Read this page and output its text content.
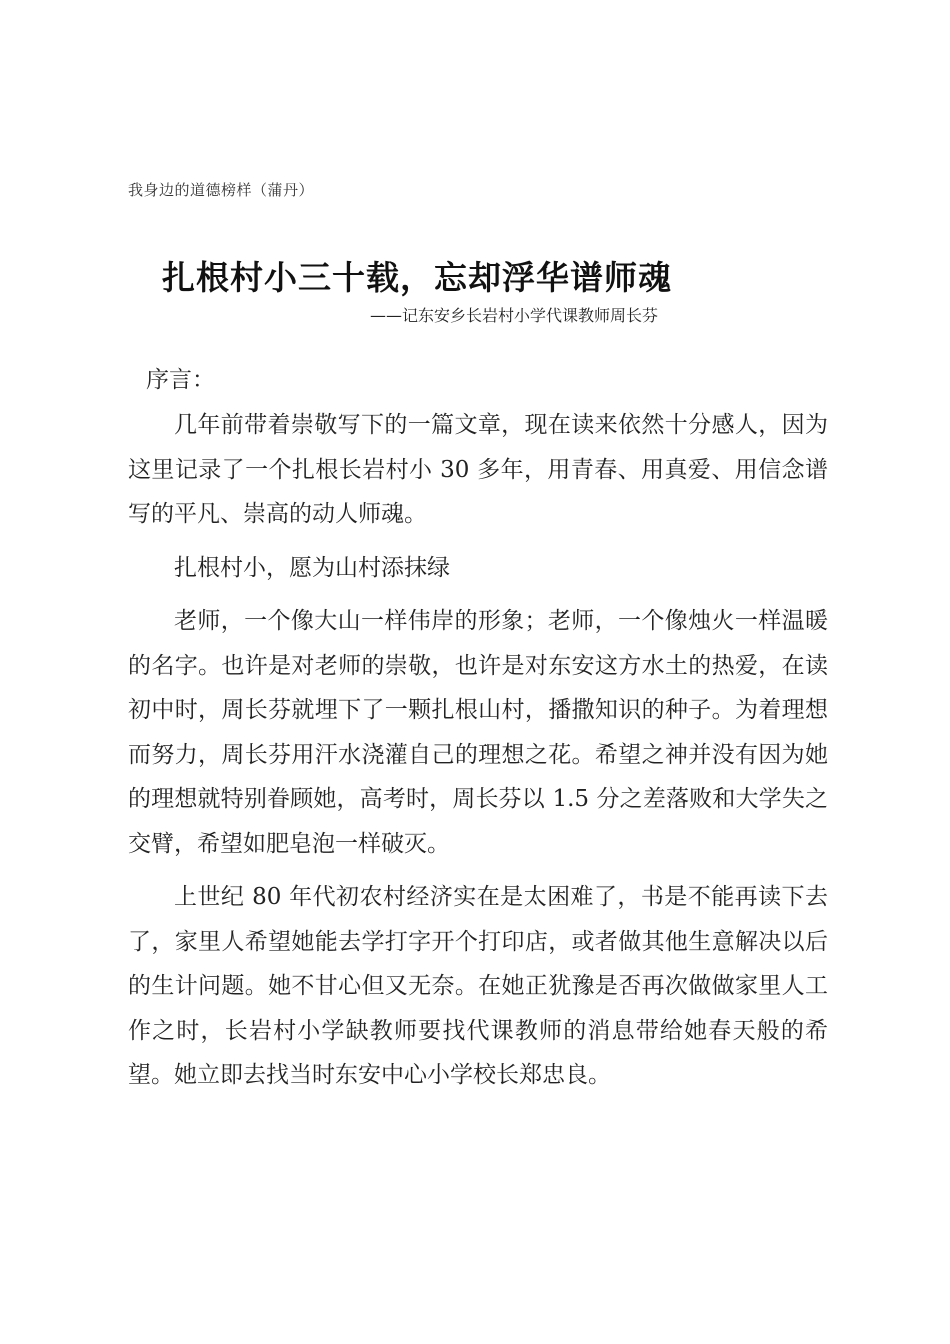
我身边的道德榜样（蒲丹）
扎根村小三十载，忘却浮华谱师魂
——记东安乡长岩村小学代课教师周长芬
序言：

几年前带着崇敬写下的一篇文章，现在读来依然十分感人，因为这里记录了一个扎根长岩村小 30 多年，用青春、用真爱、用信念谱写的平凡、崇高的动人师魂。

扎根村小，愿为山村添抹绿

老师，一个像大山一样伟岸的形象；老师，一个像烛火一样温暖的名字。也许是对老师的崇敬，也许是对东安这方水土的热爱，在读初中时，周长芬就埋下了一颗扎根山村，播撒知识的种子。为着理想而努力，周长芬用汗水浇灌自己的理想之花。希望之神并没有因为她的理想就特别眷顾她，高考时，周长芬以 1.5 分之差落败和大学失之交臂，希望如肥皂泡一样破灭。

上世纪 80 年代初农村经济实在是太困难了，书是不能再读下去了，家里人希望她能去学打字开个打印店，或者做其他生意解决以后的生计问题。她不甘心但又无奈。在她正犹豫是否再次做做家里人工作之时，长岩村小学缺教师要找代课教师的消息带给她春天般的希望。她立即去找当时东安中心小学校长郑忠良。
